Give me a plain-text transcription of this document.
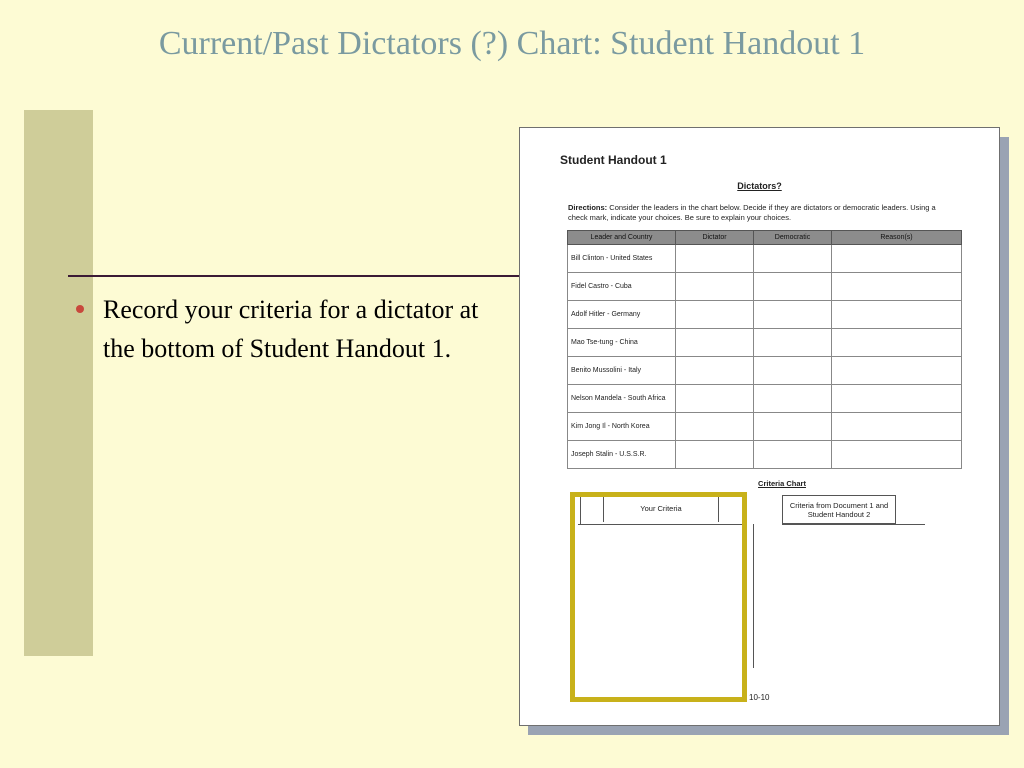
Current/Past Dictators (?) Chart: Student Handout 1
Record your criteria for a dictator at the bottom of Student Handout 1.
Student Handout 1
Dictators?
Directions: Consider the leaders in the chart below. Decide if they are dictators or democratic leaders. Using a check mark, indicate your choices. Be sure to explain your choices.
Leader and Country	Dictator	Democratic	Reason(s)
Bill Clinton - United States			
Fidel Castro - Cuba			
Adolf Hitler - Germany			
Mao Tse-tung - China			
Benito Mussolini - Italy			
Nelson Mandela - South Africa			
Kim Jong Il - North Korea			
Joseph Stalin - U.S.S.R.			
Criteria Chart
Your Criteria	Criteria from Document 1 and Student Handout 2
10-10
